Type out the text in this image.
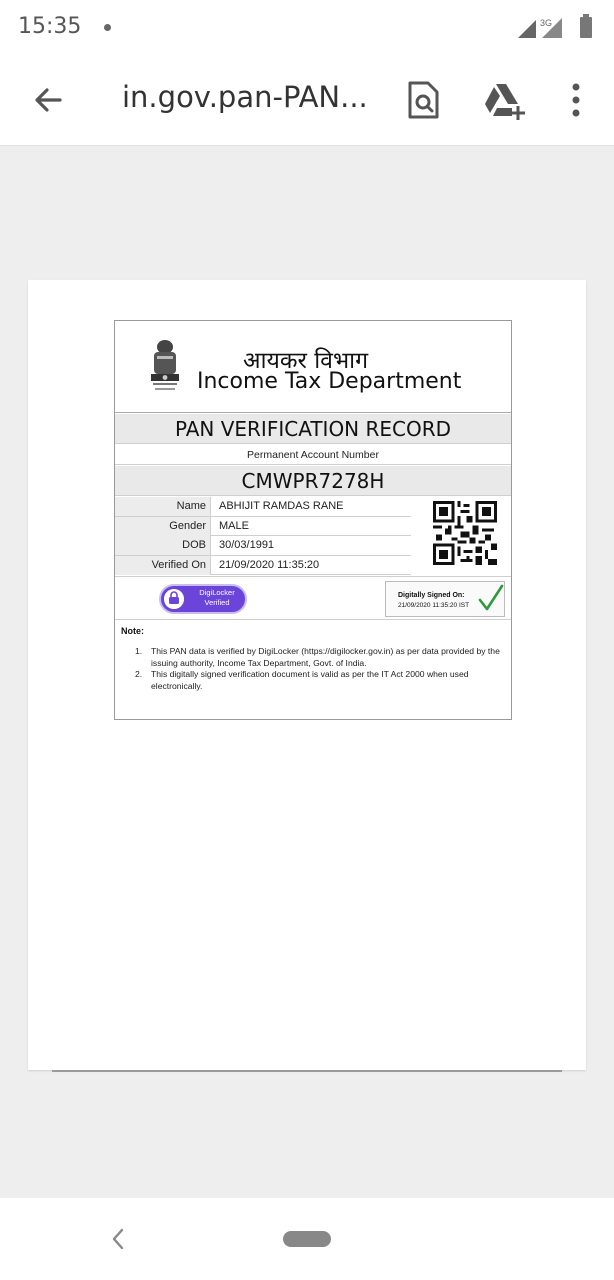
15:35	3G
in.gov.pan-PAN...
आयकर विभाग
Income Tax Department
PAN VERIFICATION RECORD
Permanent Account Number
CMWPR7278H
Name	ABHIJIT RAMDAS RANE
Gender	MALE
DOB	30/03/1991
Verified On	21/09/2020 11:35:20
DigiLocker
Verified
Digitally Signed On:
21/09/2020 11:35:20 IST
Note:
1. This PAN data is verified by DigiLocker (https://digilocker.gov.in) as per data provided by the issuing authority, Income Tax Department, Govt. of India.
2. This digitally signed verification document is valid as per the IT Act 2000 when used electronically.
